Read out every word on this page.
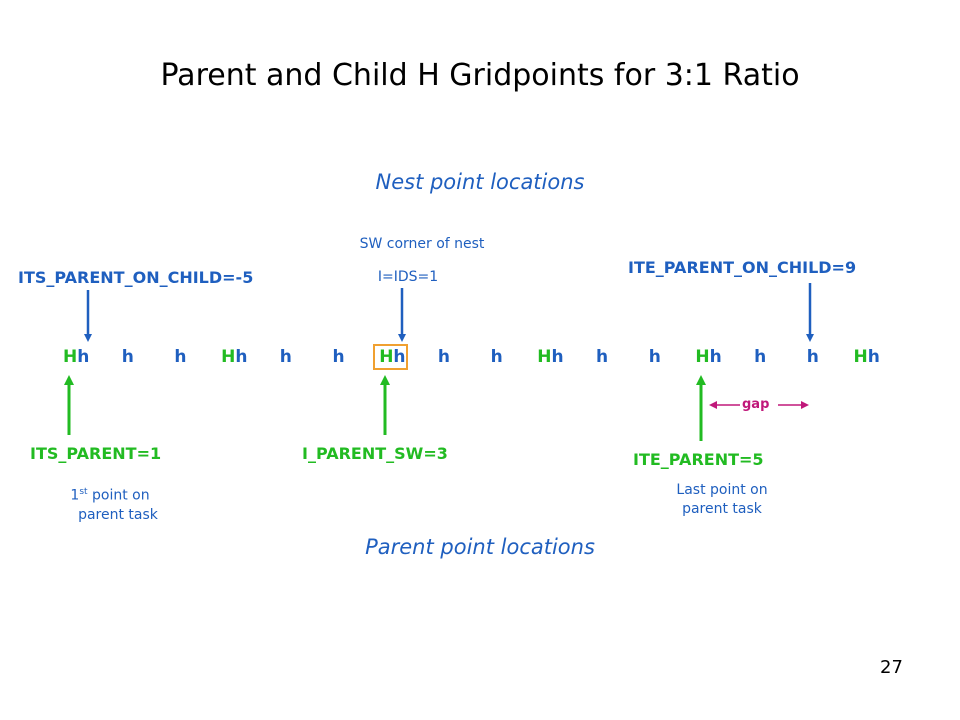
Parent and Child H Gridpoints for 3:1 Ratio
Nest point locations
SW corner of nest
I=IDS=1
ITS_PARENT_ON_CHILD=-5
ITE_PARENT_ON_CHILD=9
Hh h h Hh h h Hh h h Hh h h Hh h h Hh
gap
ITS_PARENT=1	I_PARENT_SW=3	ITE_PARENT=5
1st point on
parent task
Last point on
parent task
Parent point locations
27
